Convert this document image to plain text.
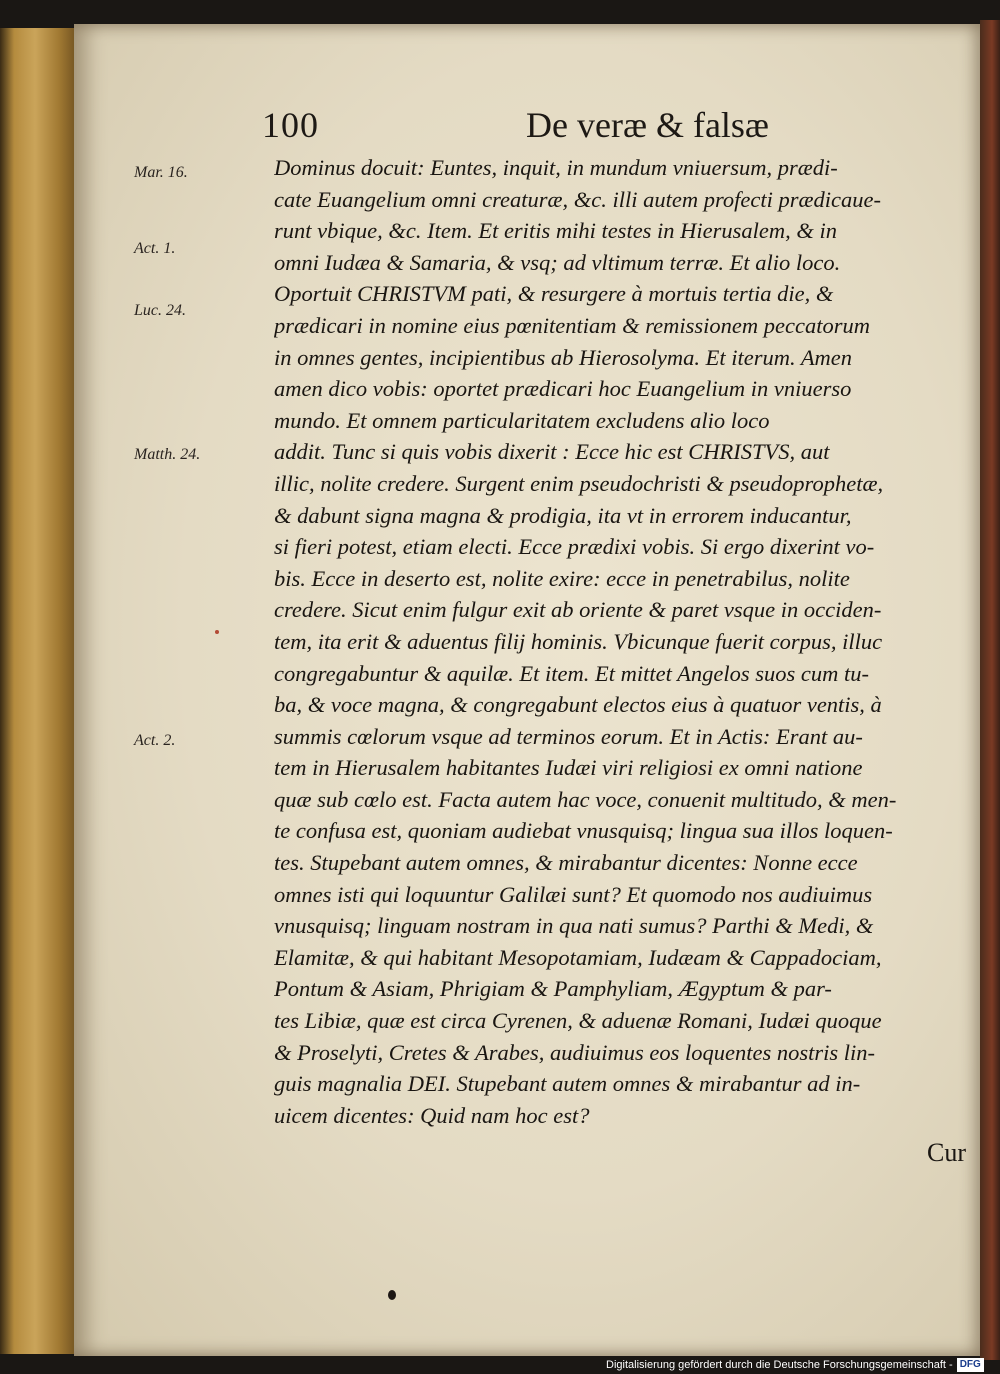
100	De veræ & falsæ
Mar. 16.
Act. 1.
Luc. 24.
Matth. 24.
Act. 2.
Dominus docuit: Euntes, inquit, in mundum vniuersum, prædi-
cate Euangelium omni creaturæ, &c. illi autem profecti prædicaue-
runt vbique, &c. Item. Et eritis mihi testes in Hierusalem, & in
omni Iudæa & Samaria, & vsq; ad vltimum terræ. Et alio loco.
Oportuit CHRISTVM pati, & resurgere à mortuis tertia die, &
prædicari in nomine eius pœnitentiam & remissionem peccatorum
in omnes gentes, incipientibus ab Hierosolyma. Et iterum. Amen
amen dico vobis: oportet prædicari hoc Euangelium in vniuerso
mundo. Et omnem particularitatem excludens alio loco
addit. Tunc si quis vobis dixerit : Ecce hic est CHRISTVS, aut
illic, nolite credere. Surgent enim pseudochristi & pseudoprophetæ,
& dabunt signa magna & prodigia, ita vt in errorem inducantur,
si fieri potest, etiam electi. Ecce prædixi vobis. Si ergo dixerint vo-
bis. Ecce in deserto est, nolite exire: ecce in penetrabilus, nolite
credere. Sicut enim fulgur exit ab oriente & paret vsque in occiden-
tem, ita erit & aduentus filij hominis. Vbicunque fuerit corpus, illuc
congregabuntur & aquilæ. Et item. Et mittet Angelos suos cum tu-
ba, & voce magna, & congregabunt electos eius à quatuor ventis, à
summis cœlorum vsque ad terminos eorum. Et in Actis: Erant au-
tem in Hierusalem habitantes Iudæi viri religiosi ex omni natione
quæ sub cœlo est. Facta autem hac voce, conuenit multitudo, & men-
te confusa est, quoniam audiebat vnusquisq; lingua sua illos loquen-
tes. Stupebant autem omnes, & mirabantur dicentes: Nonne ecce
omnes isti qui loquuntur Galilæi sunt? Et quomodo nos audiuimus
vnusquisq; linguam nostram in qua nati sumus? Parthi & Medi, &
Elamitæ, & qui habitant Mesopotamiam, Iudæam & Cappadociam,
Pontum & Asiam, Phrigiam & Pamphyliam, Ægyptum & par-
tes Libiæ, quæ est circa Cyrenen, & aduenæ Romani, Iudæi quoque
& Proselyti, Cretes & Arabes, audiuimus eos loquentes nostris lin-
guis magnalia DEI. Stupebant autem omnes & mirabantur ad in-
uicem dicentes: Quid nam hoc est?
Cur
Digitalisierung gefördert durch die Deutsche Forschungsgemeinschaft - DFG
